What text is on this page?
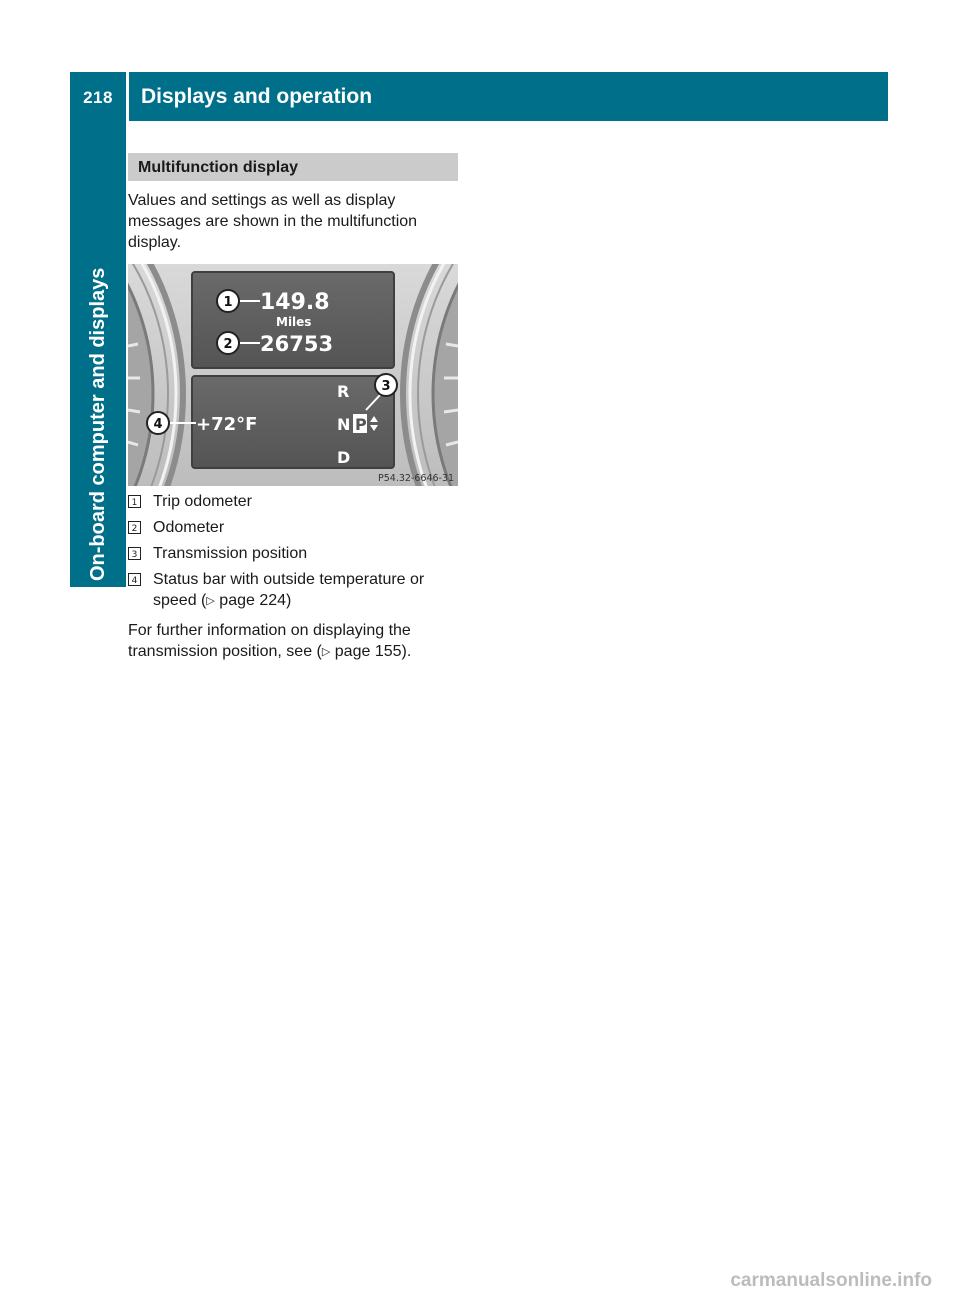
218	Displays and operation
On-board computer and displays
Multifunction display
Values and settings as well as display messages are shown in the multifunction display.
149.8
Miles
26753
+72°F
R
N P
D
1
2
3
4
P54.32-6646-31
1 Trip odometer
2 Odometer
3 Transmission position
4 Status bar with outside temperature or speed (▷ page 224)
For further information on displaying the transmission position, see (▷ page 155).
carmanualsonline.info
